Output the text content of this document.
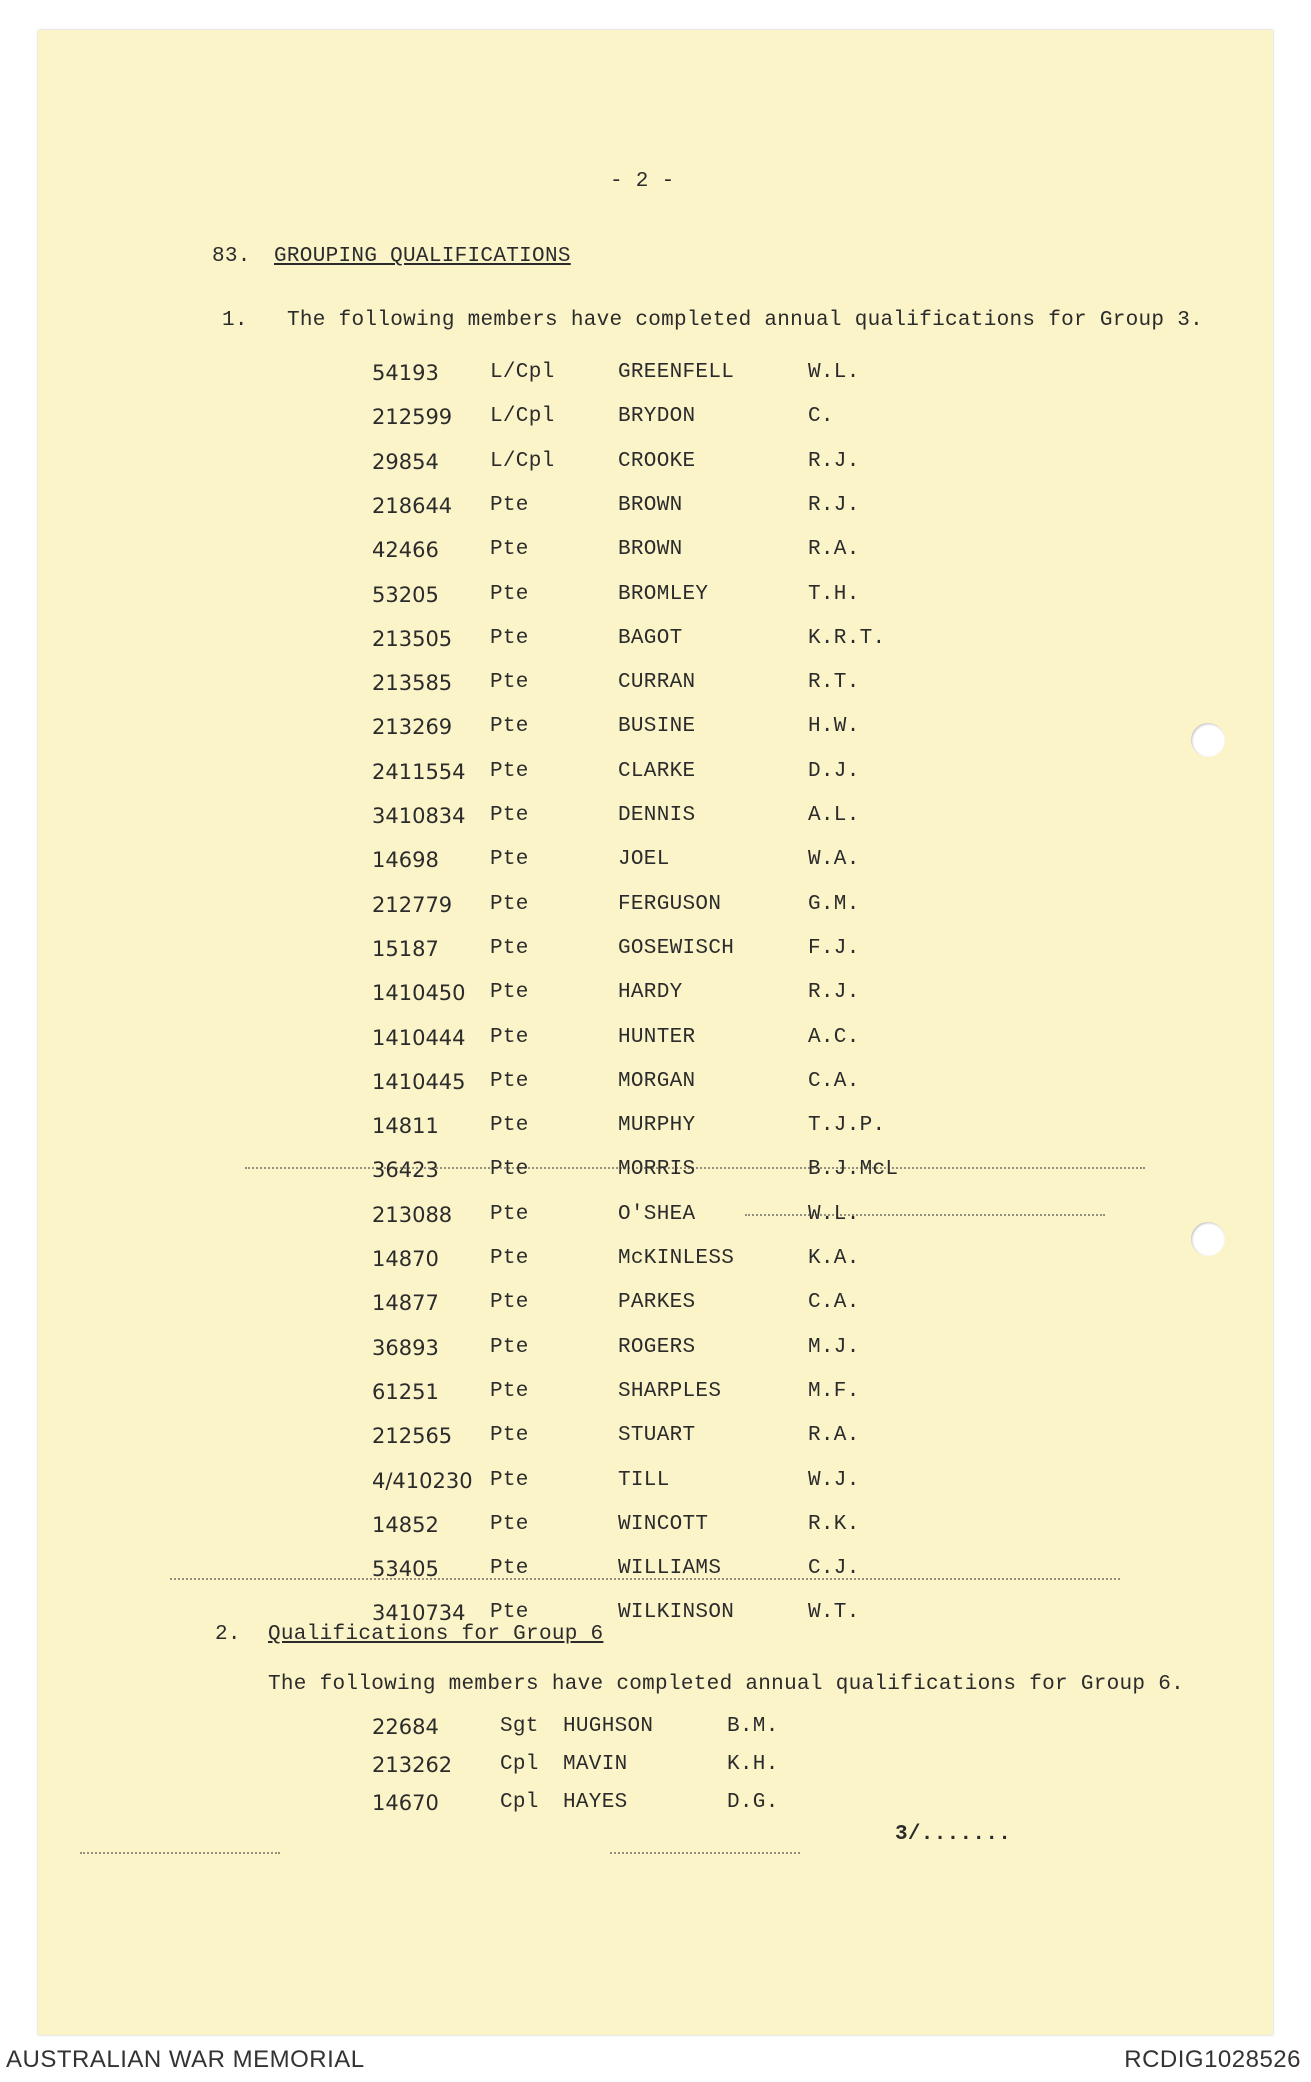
- 2 -
83. GROUPING QUALIFICATIONS
1. The following members have completed annual qualifications for Group 3.
54193 L/Cpl	GREENFELL	W.L.
212599 L/Cpl	BRYDON	C.
29854 L/Cpl	CROOKE	R.J.
218644 Pte	BROWN	R.J.
42466 Pte	BROWN	R.A.
53205 Pte	BROMLEY	T.H.
213505 Pte	BAGOT	K.R.T.
213585 Pte	CURRAN	R.T.
213269 Pte	BUSINE	H.W.
2411554 Pte	CLARKE	D.J.
3410834 Pte	DENNIS	A.L.
14698 Pte	JOEL	W.A.
212779 Pte	FERGUSON	G.M.
15187 Pte	GOSEWISCH	F.J.
1410450 Pte	HARDY	R.J.
1410444 Pte	HUNTER	A.C.
1410445 Pte	MORGAN	C.A.
14811 Pte	MURPHY	T.J.P.
36423 Pte	MORRIS	B.J.McL
213088 Pte	O'SHEA	W.L.
14870 Pte	McKINLESS	K.A.
14877 Pte	PARKES	C.A.
36893 Pte	ROGERS	M.J.
61251 Pte	SHARPLES	M.F.
212565 Pte	STUART	R.A.
4/410230 Pte	TILL	W.J.
14852 Pte	WINCOTT	R.K.
53405 Pte	WILLIAMS	C.J.
3410734 Pte	WILKINSON	W.T.
2. Qualifications for Group 6
The following members have completed annual qualifications for Group 6.
22684	Sgt HUGHSON	B.M.
213262 Cpl MAVIN	K.H.
14670	Cpl HAYES	D.G.
3/.......
AUSTRALIAN WAR MEMORIAL	RCDIG1028526
